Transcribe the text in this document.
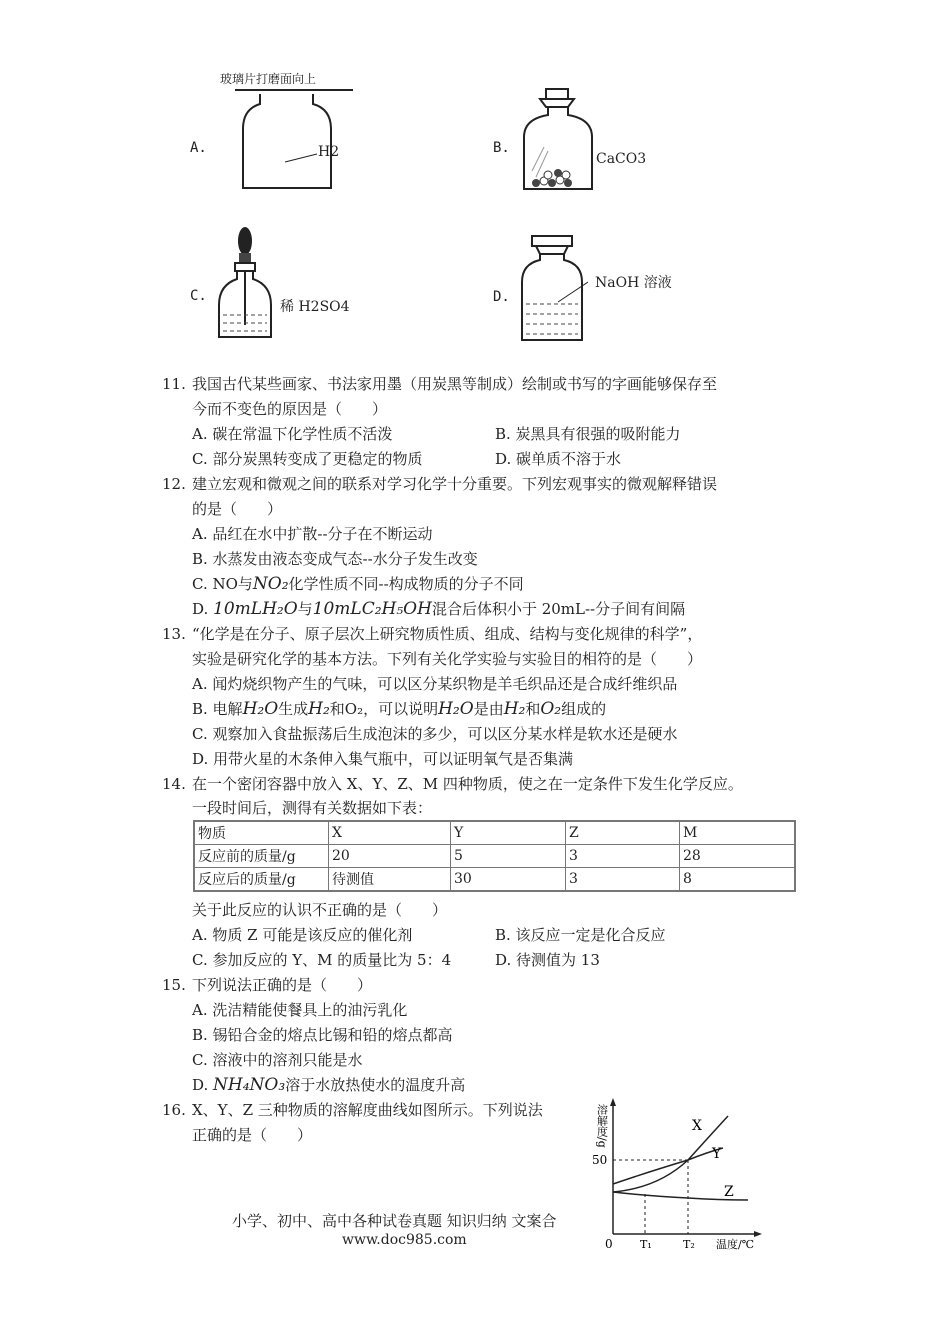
A.
玻璃片打磨面向上
H2	B.
CaCO3
C.
稀 H2SO4
D.
NaOH 溶液
11. 我国古代某些画家、书法家用墨（用炭黑等制成）绘制或书写的字画能够保存至
今而不变色的原因是（　　）
A. 碳在常温下化学性质不活泼	B. 炭黑具有很强的吸附能力
C. 部分炭黑转变成了更稳定的物质	D. 碳单质不溶于水
12. 建立宏观和微观之间的联系对学习化学十分重要。下列宏观事实的微观解释错误
的是（　　）
A. 品红在水中扩散--分子在不断运动
B. 水蒸发由液态变成气态--水分子发生改变
C. NO与NO₂化学性质不同--构成物质的分子不同
D. 10mLH₂O与10mLC₂H₅OH混合后体积小于 20mL--分子间有间隔
13. “化学是在分子、原子层次上研究物质性质、组成、结构与变化规律的科学”，
实验是研究化学的基本方法。下列有关化学实验与实验目的相符的是（　　）
A. 闻灼烧织物产生的气味，可以区分某织物是羊毛织品还是合成纤维织品
B. 电解H₂O生成H₂和O₂，可以说明H₂O是由H₂和O₂组成的
C. 观察加入食盐振荡后生成泡沫的多少，可以区分某水样是软水还是硬水
D. 用带火星的木条伸入集气瓶中，可以证明氧气是否集满
14. 在一个密闭容器中放入 X、Y、Z、M 四种物质，使之在一定条件下发生化学反应。
一段时间后，测得有关数据如下表：
物质	X	Y	Z	M
反应前的质量/g	20	5	3	28
反应后的质量/g	待测值	30	3	8
关于此反应的认识不正确的是（　　）
A. 物质 Z 可能是该反应的催化剂	B. 该反应一定是化合反应
C. 参加反应的 Y、M 的质量比为 5：4	D. 待测值为 13
15. 下列说法正确的是（　　）
A. 洗洁精能使餐具上的油污乳化
B. 锡铅合金的熔点比锡和铅的熔点都高
C. 溶液中的溶剂只能是水
D. NH₄NO₃溶于水放热使水的温度升高
16. X、Y、Z 三种物质的溶解度曲线如图所示。下列说法
正确的是（　　）	溶解度/g
50
0 T₁	T₂ 温度/℃
X
Y
Z
小学、初中、高中各种试卷真题 知识归纳 文案合
www.doc985.com
